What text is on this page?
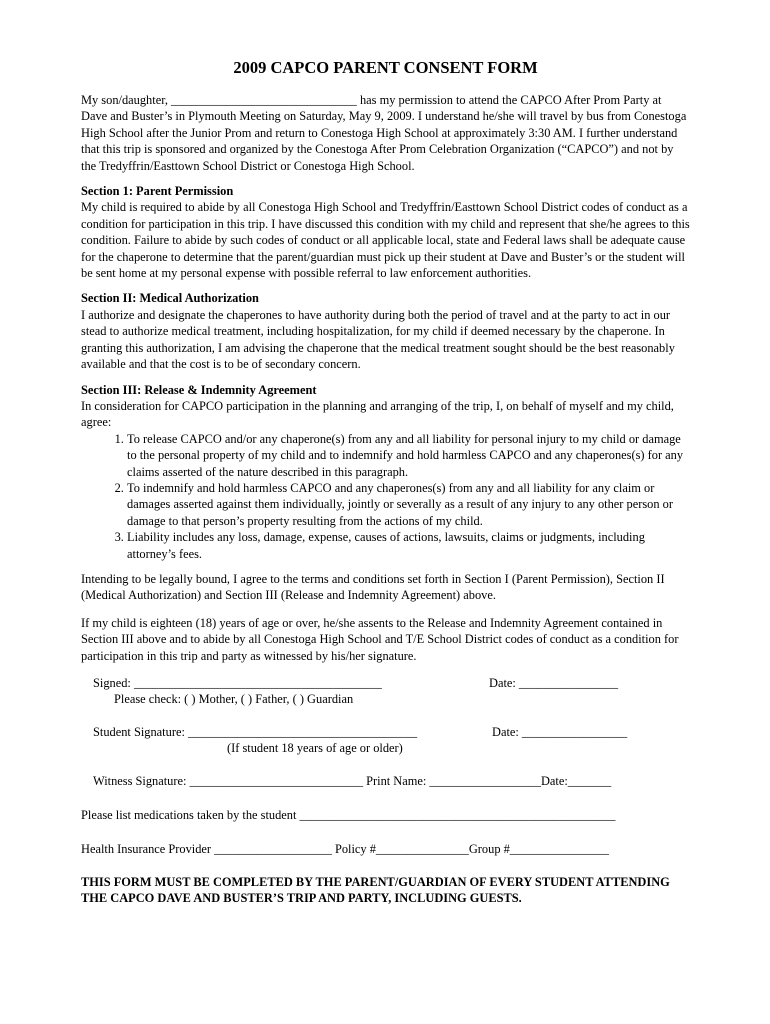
2009 CAPCO PARENT CONSENT FORM

My son/daughter, ______________________________ has my permission to attend the CAPCO After Prom Party at Dave and Buster’s in Plymouth Meeting on Saturday, May 9, 2009. I understand he/she will travel by bus from Conestoga High School after the Junior Prom and return to Conestoga High School at approximately 3:30 AM. I further understand that this trip is sponsored and organized by the Conestoga After Prom Celebration Organization (“CAPCO”) and not by the Tredyffrin/Easttown School District or Conestoga High School.

Section 1: Parent Permission

My child is required to abide by all Conestoga High School and Tredyffrin/Easttown School District codes of conduct as a condition for participation in this trip. I have discussed this condition with my child and represent that she/he agrees to this condition. Failure to abide by such codes of conduct or all applicable local, state and Federal laws shall be adequate cause for the chaperone to determine that the parent/guardian must pick up their student at Dave and Buster’s or the student will be sent home at my personal expense with possible referral to law enforcement authorities.

Section II: Medical Authorization

I authorize and designate the chaperones to have authority during both the period of travel and at the party to act in our stead to authorize medical treatment, including hospitalization, for my child if deemed necessary by the chaperone. In granting this authorization, I am advising the chaperone that the medical treatment sought should be the best reasonably available and that the cost is to be of secondary concern.

Section III: Release & Indemnity Agreement

In consideration for CAPCO participation in the planning and arranging of the trip, I, on behalf of myself and my child, agree:

1. To release CAPCO and/or any chaperone(s) from any and all liability for personal injury to my child or damage to the personal property of my child and to indemnify and hold harmless CAPCO and any chaperones(s) for any claims asserted of the nature described in this paragraph.
2. To indemnify and hold harmless CAPCO and any chaperones(s) from any and all liability for any claim or damages asserted against them individually, jointly or severally as a result of any injury to any other person or damage to that person’s property resulting from the actions of my child.
3. Liability includes any loss, damage, expense, causes of actions, lawsuits, claims or judgments, including attorney’s fees.

Intending to be legally bound, I agree to the terms and conditions set forth in Section I (Parent Permission), Section II (Medical Authorization) and Section III (Release and Indemnity Agreement) above.

If my child is eighteen (18) years of age or over, he/she assents to the Release and Indemnity Agreement contained in Section III above and to abide by all Conestoga High School and T/E School District codes of conduct as a condition for participation in this trip and party as witnessed by his/her signature.

Signed: ________________________________________	Date: ________________
Please check: ( ) Mother, ( ) Father, ( ) Guardian
Student Signature: _____________________________________	Date: _________________
(If student 18 years of age or older)
Witness Signature: ____________________________ Print Name: __________________Date:_______
Please list medications taken by the student ___________________________________________________
Health Insurance Provider ___________________ Policy #_______________Group #________________

THIS FORM MUST BE COMPLETED BY THE PARENT/GUARDIAN OF EVERY STUDENT ATTENDING THE CAPCO DAVE AND BUSTER’S TRIP AND PARTY, INCLUDING GUESTS.
